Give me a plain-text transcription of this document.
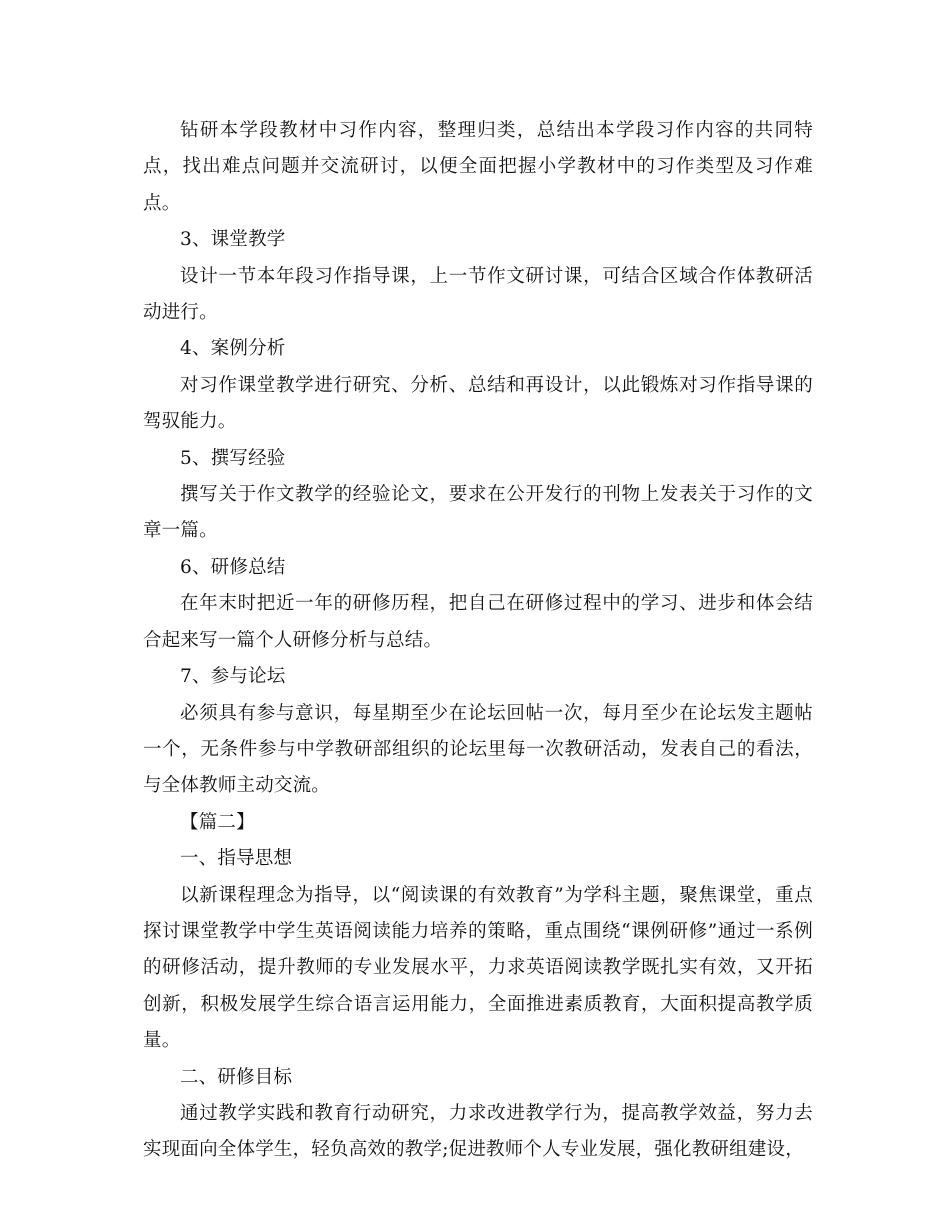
钻研本学段教材中习作内容，整理归类，总结出本学段习作内容的共同特点，找出难点问题并交流研讨，以便全面把握小学教材中的习作类型及习作难点。

3、课堂教学

设计一节本年段习作指导课，上一节作文研讨课，可结合区域合作体教研活动进行。

4、案例分析

对习作课堂教学进行研究、分析、总结和再设计，以此锻炼对习作指导课的驾驭能力。

5、撰写经验

撰写关于作文教学的经验论文，要求在公开发行的刊物上发表关于习作的文章一篇。

6、研修总结

在年末时把近一年的研修历程，把自己在研修过程中的学习、进步和体会结合起来写一篇个人研修分析与总结。

7、参与论坛

必须具有参与意识，每星期至少在论坛回帖一次，每月至少在论坛发主题帖一个，无条件参与中学教研部组织的论坛里每一次教研活动，发表自己的看法，与全体教师主动交流。

【篇二】

一、指导思想

以新课程理念为指导，以“阅读课的有效教育”为学科主题，聚焦课堂，重点探讨课堂教学中学生英语阅读能力培养的策略，重点围绕“课例研修”通过一系例的研修活动，提升教师的专业发展水平，力求英语阅读教学既扎实有效，又开拓创新，积极发展学生综合语言运用能力，全面推进素质教育，大面积提高教学质量。

二、研修目标

通过教学实践和教育行动研究，力求改进教学行为，提高教学效益，努力去实现面向全体学生，轻负高效的教学;促进教师个人专业发展，强化教研组建设，
